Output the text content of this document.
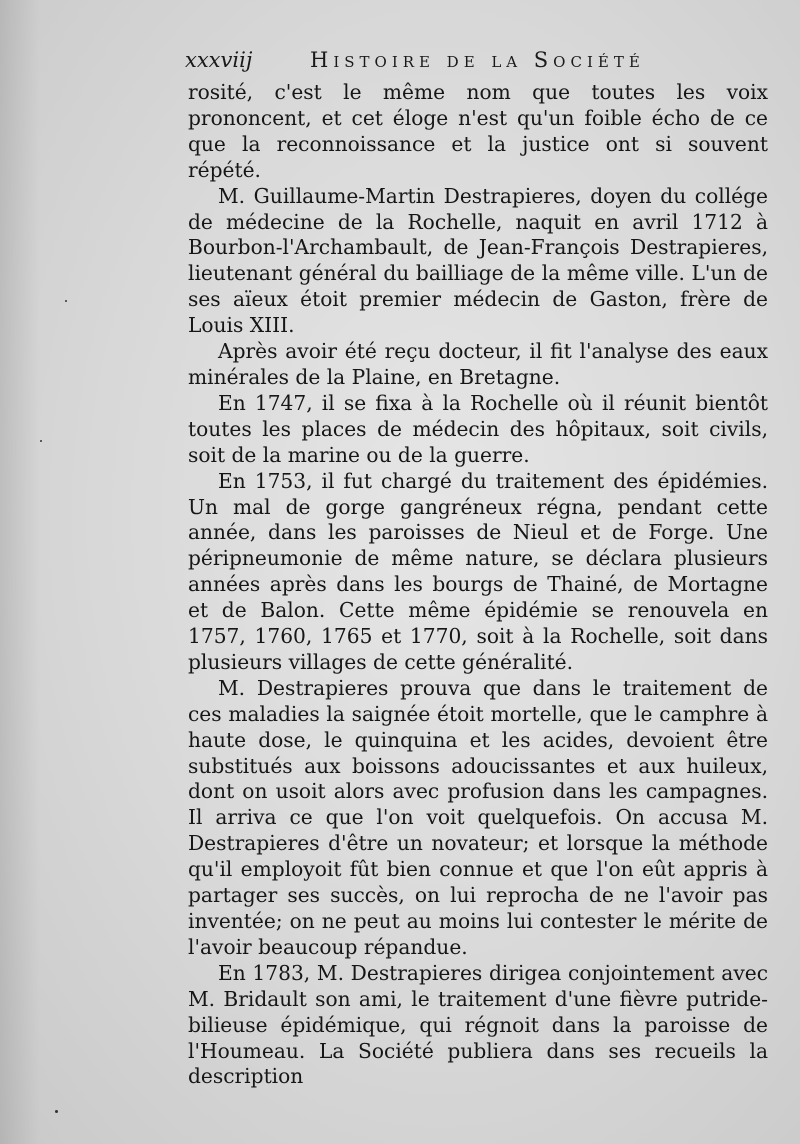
xxxviij	Histoire de la Société

rosité, c'est le même nom que toutes les voix prononcent, et cet éloge n'est qu'un foible écho de ce que la reconnoissance et la justice ont si souvent répété.

M. Guillaume-Martin Destrapieres, doyen du collége de médecine de la Rochelle, naquit en avril 1712 à Bourbon-l'Archambault, de Jean-François Destrapieres, lieutenant général du bailliage de la même ville. L'un de ses aïeux étoit premier médecin de Gaston, frère de Louis XIII.

Après avoir été reçu docteur, il fit l'analyse des eaux minérales de la Plaine, en Bretagne.

En 1747, il se fixa à la Rochelle où il réunit bientôt toutes les places de médecin des hôpitaux, soit civils, soit de la marine ou de la guerre.

En 1753, il fut chargé du traitement des épidémies. Un mal de gorge gangréneux régna, pendant cette année, dans les paroisses de Nieul et de Forge. Une péripneumonie de même nature, se déclara plusieurs années après dans les bourgs de Thainé, de Mortagne et de Balon. Cette même épidémie se renouvela en 1757, 1760, 1765 et 1770, soit à la Rochelle, soit dans plusieurs villages de cette généralité.

M. Destrapieres prouva que dans le traitement de ces maladies la saignée étoit mortelle, que le camphre à haute dose, le quinquina et les acides, devoient être substitués aux boissons adoucissantes et aux huileux, dont on usoit alors avec profusion dans les campagnes. Il arriva ce que l'on voit quelquefois. On accusa M. Destrapieres d'être un novateur; et lorsque la méthode qu'il employoit fût bien connue et que l'on eût appris à partager ses succès, on lui reprocha de ne l'avoir pas inventée; on ne peut au moins lui contester le mérite de l'avoir beaucoup répandue.

En 1783, M. Destrapieres dirigea conjointement avec M. Bridault son ami, le traitement d'une fièvre putride-bilieuse épidémique, qui régnoit dans la paroisse de l'Houmeau. La Société publiera dans ses recueils la description
